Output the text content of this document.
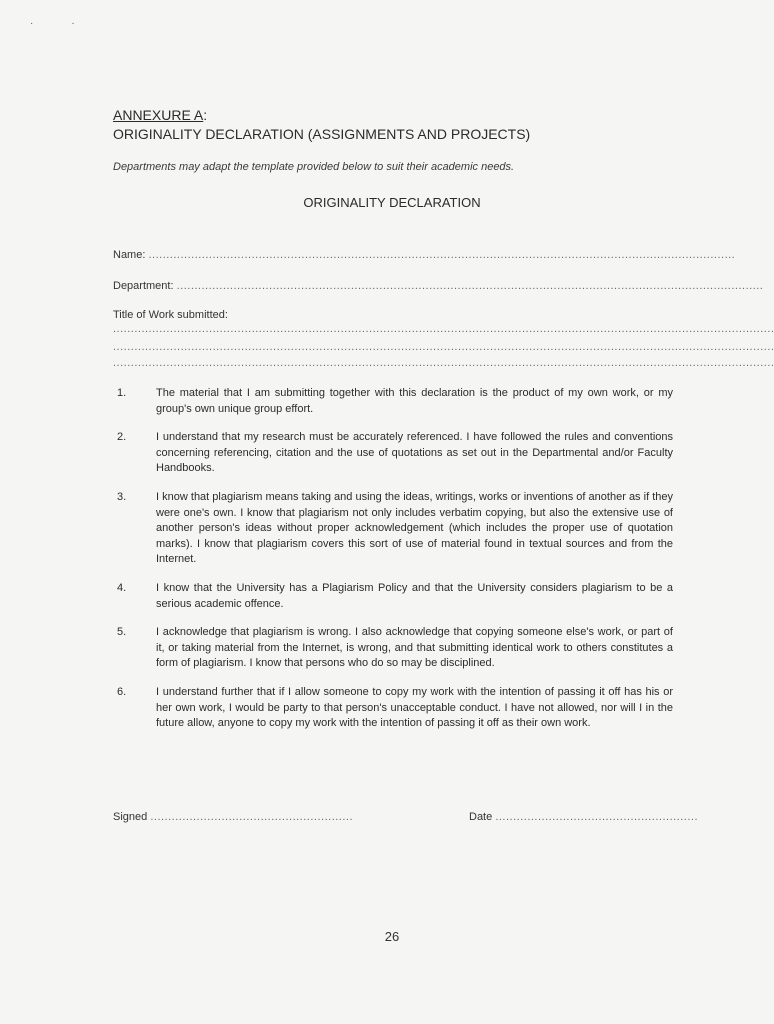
··
ANNEXURE A:
ORIGINALITY DECLARATION (ASSIGNMENTS AND PROJECTS)
Departments may adapt the template provided below to suit their academic needs.
ORIGINALITY DECLARATION
Name: .....................................................................................................................................................................
Department: .....................................................................................................................................................................
Title of Work submitted:
..........................................................................................................................................................................................
..........................................................................................................................................................................................
..........................................................................................................................................................................................
1.	The material that I am submitting together with this declaration is the product of my own work, or my group's own unique group effort.
2.	I understand that my research must be accurately referenced. I have followed the rules and conventions concerning referencing, citation and the use of quotations as set out in the Departmental and/or Faculty Handbooks.
3.	I know that plagiarism means taking and using the ideas, writings, works or inventions of another as if they were one's own. I know that plagiarism not only includes verbatim copying, but also the extensive use of another person's ideas without proper acknowledgement (which includes the proper use of quotation marks). I know that plagiarism covers this sort of use of material found in textual sources and from the Internet.
4.	I know that the University has a Plagiarism Policy and that the University considers plagiarism to be a serious academic offence.
5.	I acknowledge that plagiarism is wrong. I also acknowledge that copying someone else's work, or part of it, or taking material from the Internet, is wrong, and that submitting identical work to others constitutes a form of plagiarism. I know that persons who do so may be disciplined.
6.	I understand further that if I allow someone to copy my work with the intention of passing it off has his or her own work, I would be party to that person's unacceptable conduct. I have not allowed, nor will I in the future allow, anyone to copy my work with the intention of passing it off as their own work.
Signed .........................................................	Date .........................................................
26
